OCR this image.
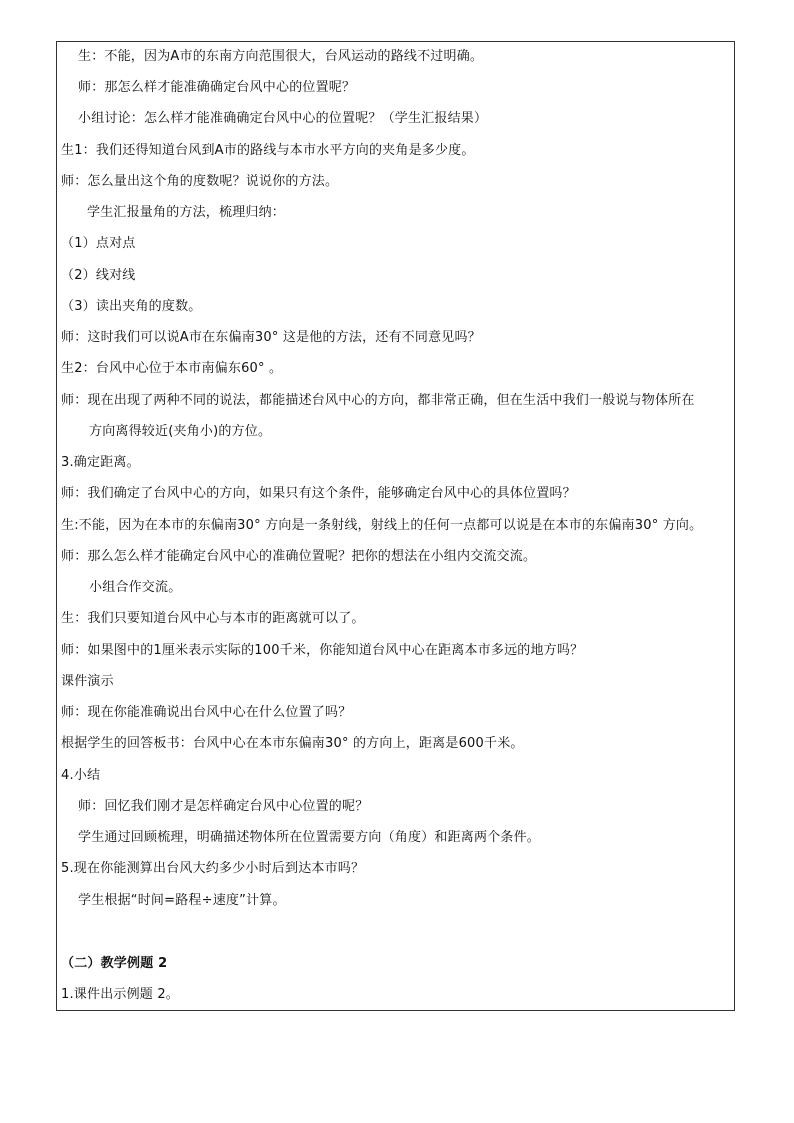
生：不能，因为A市的东南方向范围很大，台风运动的路线不过明确。
师：那怎么样才能准确确定台风中心的位置呢？
小组讨论：怎么样才能准确确定台风中心的位置呢？（学生汇报结果）
生1：我们还得知道台风到A市的路线与本市水平方向的夹角是多少度。
师：怎么量出这个角的度数呢？说说你的方法。
学生汇报量角的方法，梳理归纳：
（1）点对点
（2）线对线
（3）读出夹角的度数。
师：这时我们可以说A市在东偏南30° 这是他的方法，还有不同意见吗？
生2：台风中心位于本市南偏东60° 。
师：现在出现了两种不同的说法，都能描述台风中心的方向，都非常正确，但在生活中我们一般说与物体所在
方向离得较近(夹角小)的方位。
3.确定距离。
师：我们确定了台风中心的方向，如果只有这个条件，能够确定台风中心的具体位置吗？
生:不能，因为在本市的东偏南30° 方向是一条射线，射线上的任何一点都可以说是在本市的东偏南30° 方向。
师：那么怎么样才能确定台风中心的准确位置呢？把你的想法在小组内交流交流。
小组合作交流。
生：我们只要知道台风中心与本市的距离就可以了。
师：如果图中的1厘米表示实际的100千米，你能知道台风中心在距离本市多远的地方吗？
课件演示
师：现在你能准确说出台风中心在什么位置了吗？
根据学生的回答板书：台风中心在本市东偏南30° 的方向上，距离是600千米。
4.小结
师：回忆我们刚才是怎样确定台风中心位置的呢？
学生通过回顾梳理，明确描述物体所在位置需要方向（角度）和距离两个条件。
5.现在你能测算出台风大约多少小时后到达本市吗？
学生根据“时间=路程÷速度”计算。
（二）教学例题 2
1.课件出示例题 2。
